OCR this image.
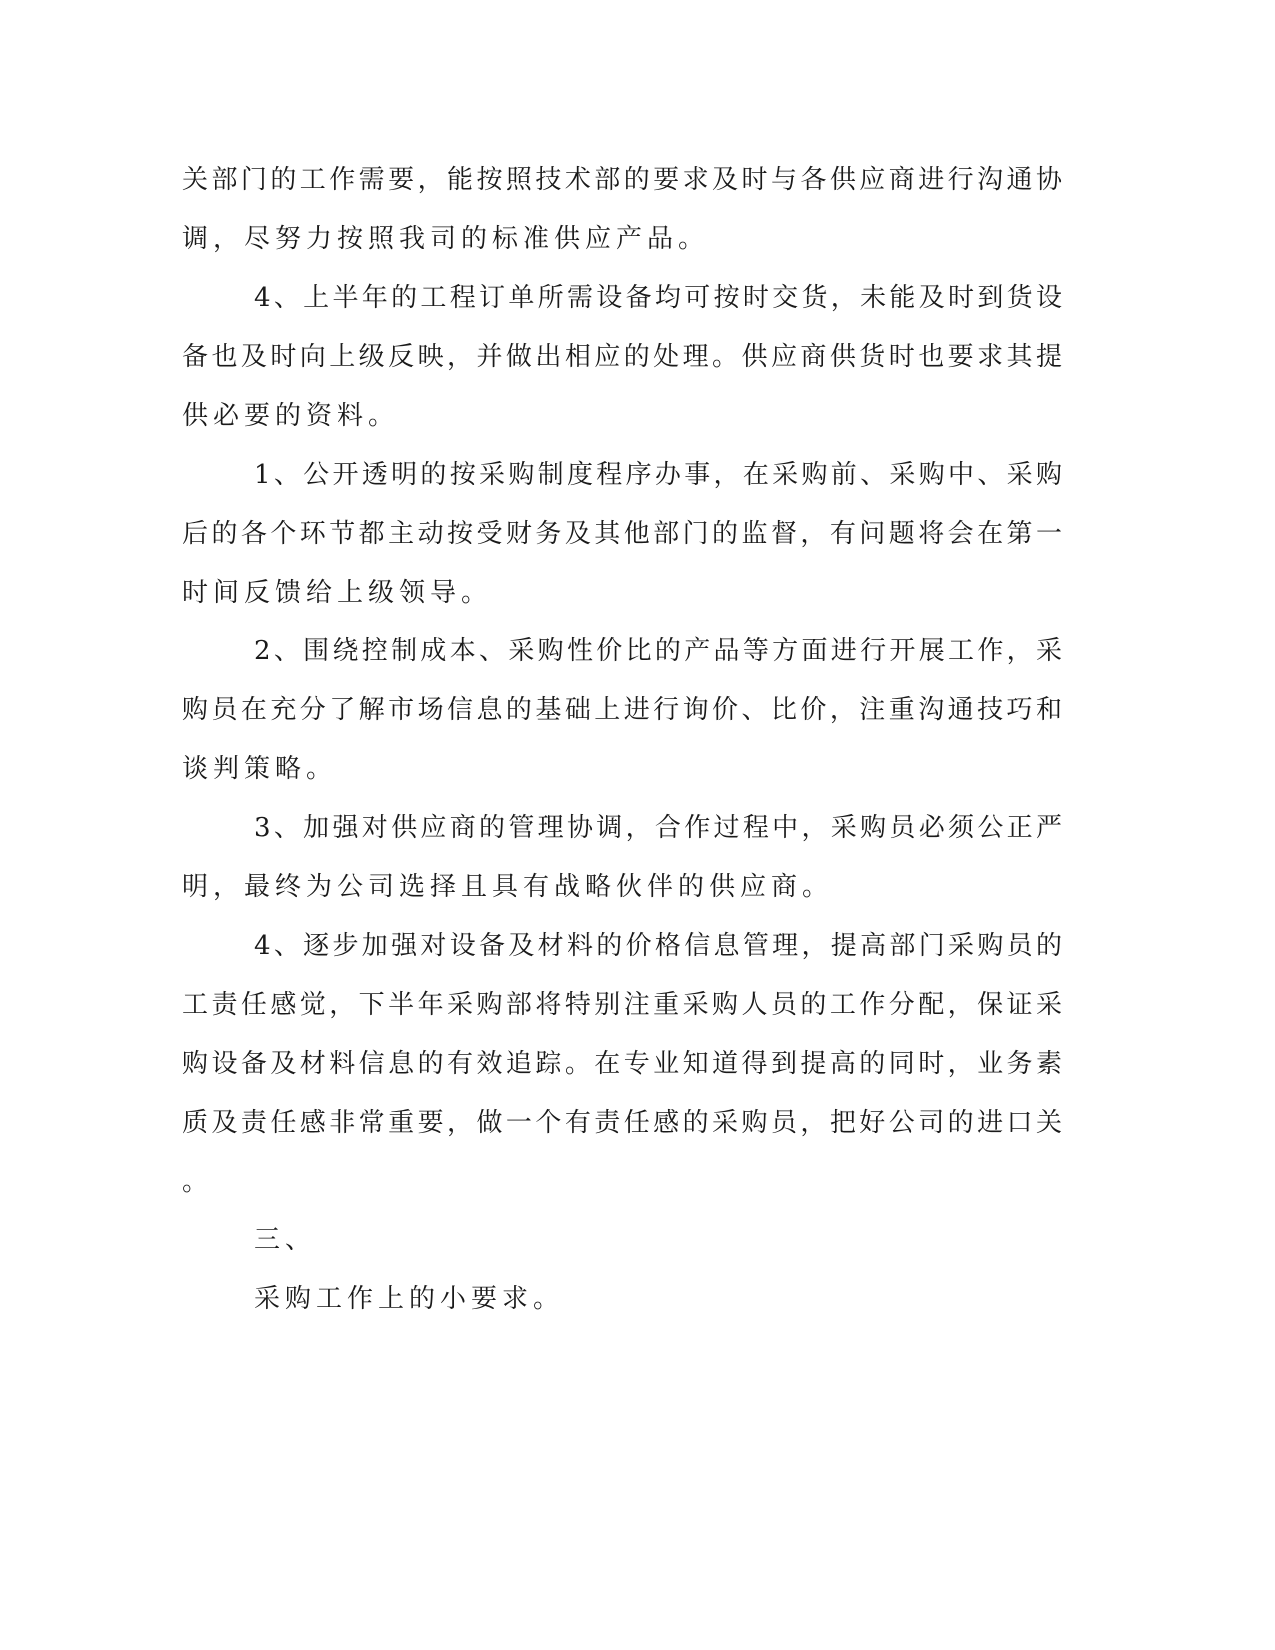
关部门的工作需要，能按照技术部的要求及时与各供应商进行沟通协
调，尽努力按照我司的标准供应产品。
4、上半年的工程订单所需设备均可按时交货，未能及时到货设
备也及时向上级反映，并做出相应的处理。供应商供货时也要求其提
供必要的资料。
1、公开透明的按采购制度程序办事，在采购前、采购中、采购
后的各个环节都主动按受财务及其他部门的监督，有问题将会在第一
时间反馈给上级领导。
2、围绕控制成本、采购性价比的产品等方面进行开展工作，采
购员在充分了解市场信息的基础上进行询价、比价，注重沟通技巧和
谈判策略。
3、加强对供应商的管理协调，合作过程中，采购员必须公正严
明，最终为公司选择且具有战略伙伴的供应商。
4、逐步加强对设备及材料的价格信息管理，提高部门采购员的
工责任感觉，下半年采购部将特别注重采购人员的工作分配，保证采
购设备及材料信息的有效追踪。在专业知道得到提高的同时，业务素
质及责任感非常重要，做一个有责任感的采购员，把好公司的进口关
。
三、
采购工作上的小要求。
